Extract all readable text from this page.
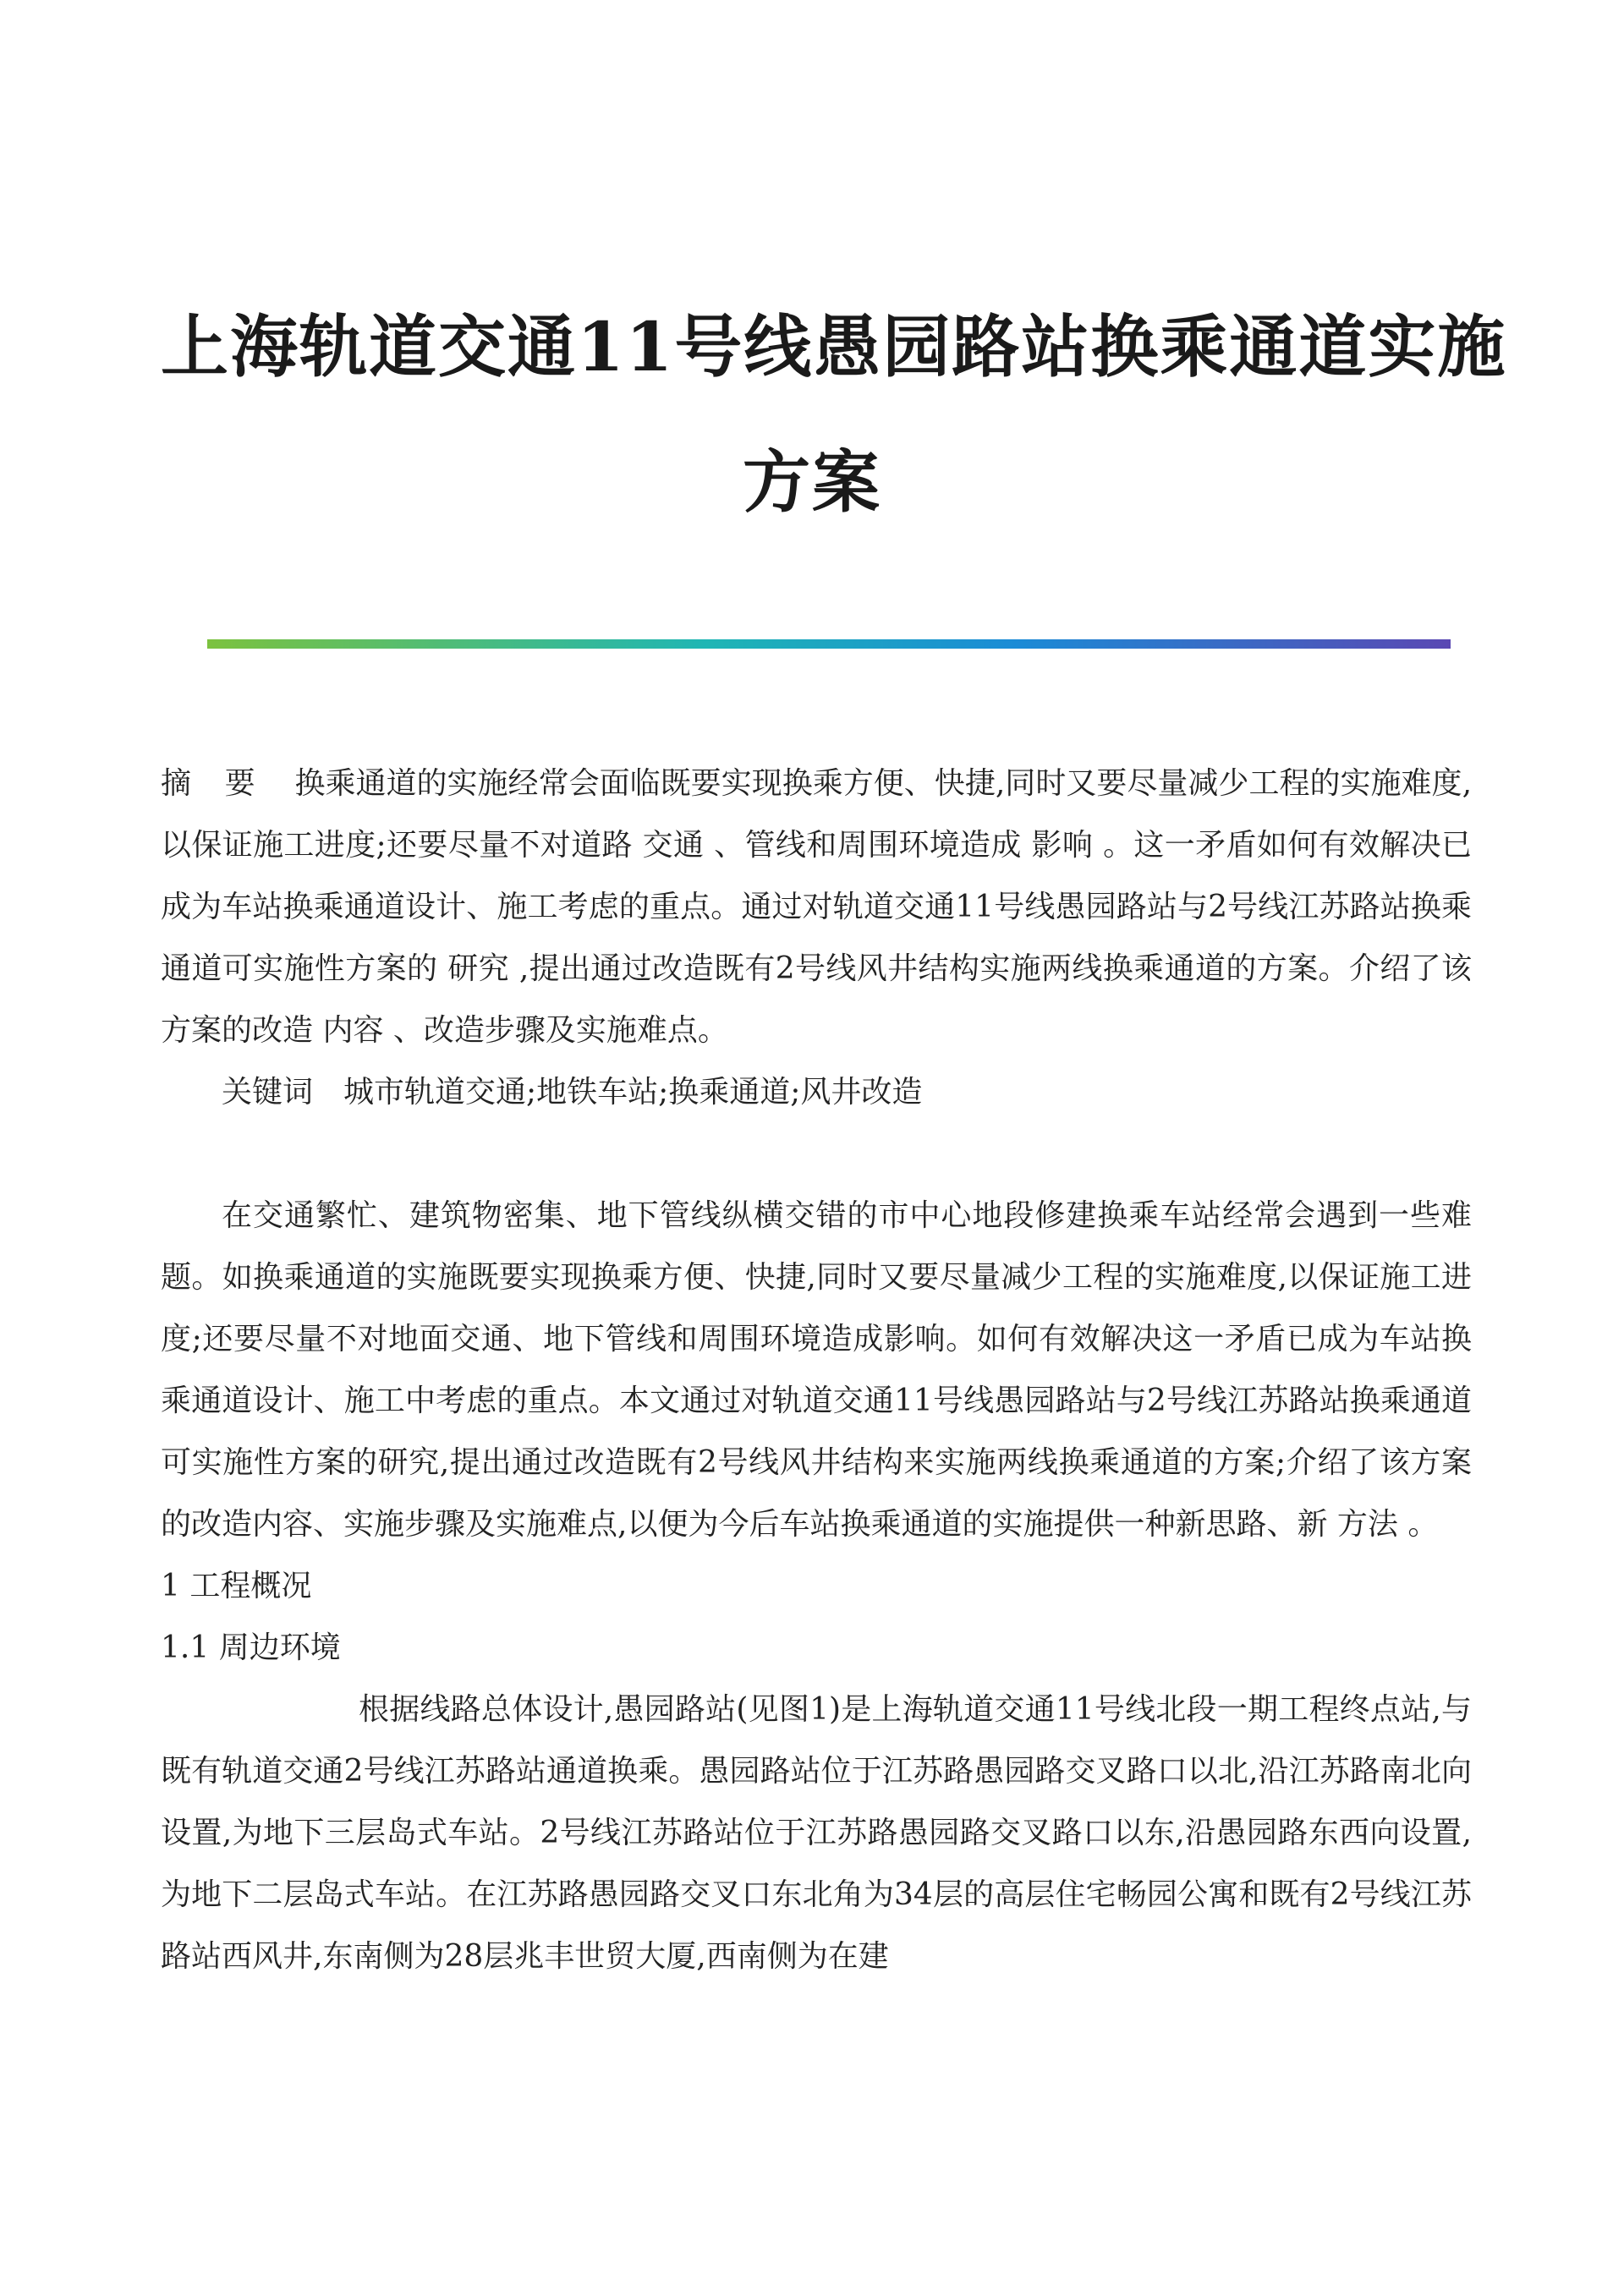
上海轨道交通11号线愚园路站换乘通道实施
方案

摘要 换乘通道的实施经常会面临既要实现换乘方便、快捷,同时又要尽量减少工程的实施难度,以保证施工进度;还要尽量不对道路 交通 、管线和周围环境造成 影响 。这一矛盾如何有效解决已成为车站换乘通道设计、施工考虑的重点。通过对轨道交通11号线愚园路站与2号线江苏路站换乘通道可实施性方案的 研究 ,提出通过改造既有2号线风井结构实施两线换乘通道的方案。介绍了该方案的改造 内容 、改造步骤及实施难点。

关键词 城市轨道交通;地铁车站;换乘通道;风井改造

在交通繁忙、建筑物密集、地下管线纵横交错的市中心地段修建换乘车站经常会遇到一些难题。如换乘通道的实施既要实现换乘方便、快捷,同时又要尽量减少工程的实施难度,以保证施工进度;还要尽量不对地面交通、地下管线和周围环境造成影响。如何有效解决这一矛盾已成为车站换乘通道设计、施工中考虑的重点。本文通过对轨道交通11号线愚园路站与2号线江苏路站换乘通道可实施性方案的研究,提出通过改造既有2号线风井结构来实施两线换乘通道的方案;介绍了该方案的改造内容、实施步骤及实施难点,以便为今后车站换乘通道的实施提供一种新思路、新 方法 。

1 工程概况

1.1 周边环境

根据线路总体设计,愚园路站(见图1)是上海轨道交通11号线北段一期工程终点站,与既有轨道交通2号线江苏路站通道换乘。愚园路站位于江苏路愚园路交叉路口以北,沿江苏路南北向设置,为地下三层岛式车站。2号线江苏路站位于江苏路愚园路交叉路口以东,沿愚园路东西向设置,为地下二层岛式车站。在江苏路愚园路交叉口东北角为34层的高层住宅畅园公寓和既有2号线江苏路站西风井,东南侧为28层兆丰世贸大厦,西南侧为在建
